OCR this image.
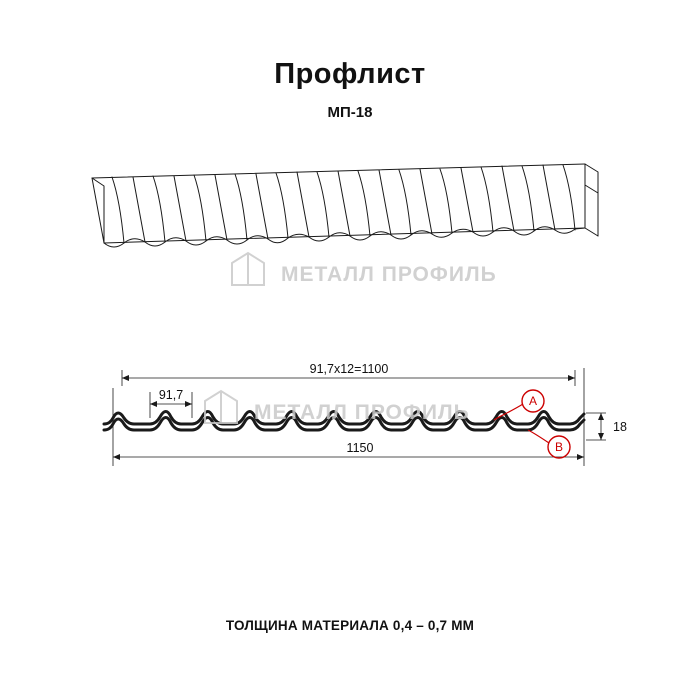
Профлист
МП-18
МЕТАЛЛ ПРОФИЛЬ
A
B
91,7x12=1100
91,7
1150
18
МЕТАЛЛ ПРОФИЛЬ
ТОЛЩИНА МАТЕРИАЛА 0,4 – 0,7 ММ
